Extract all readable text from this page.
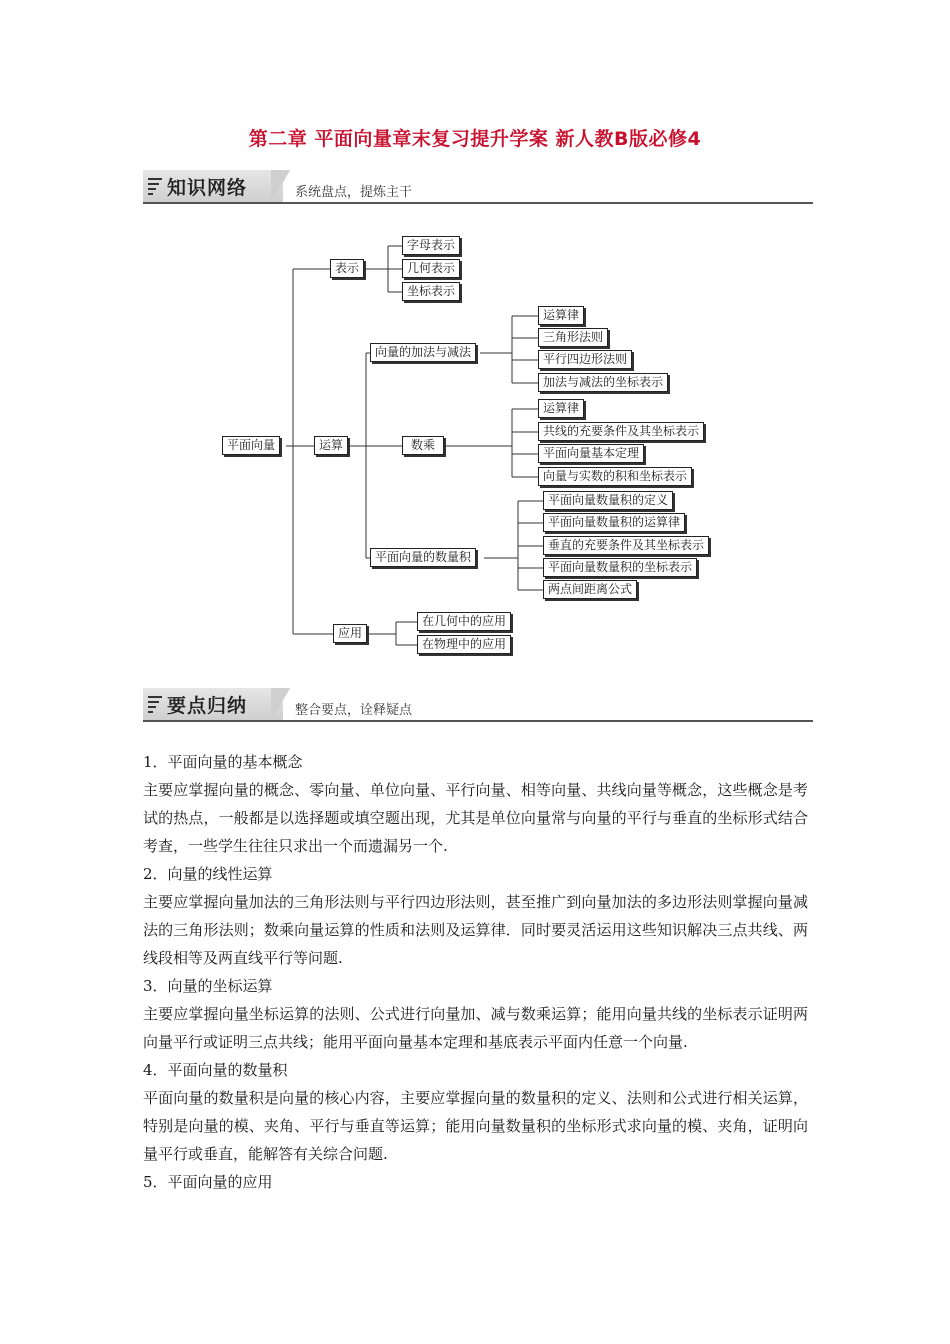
第二章 平面向量章末复习提升学案 新人教B版必修4
知识网络	系统盘点，提炼主干
平面向量
表示
字母表示
几何表示
坐标表示
运算
向量的加法与减法
运算律
三角形法则
平行四边形法则
加法与减法的坐标表示
数乘
运算律
共线的充要条件及其坐标表示
平面向量基本定理
向量与实数的积和坐标表示
平面向量的数量积
平面向量数量积的定义
平面向量数量积的运算律
垂直的充要条件及其坐标表示
平面向量数量积的坐标表示
两点间距离公式
应用
在几何中的应用
在物理中的应用
要点归纳	整合要点，诠释疑点

1．平面向量的基本概念

主要应掌握向量的概念、零向量、单位向量、平行向量、相等向量、共线向量等概念，这些概念是考试的热点，一般都是以选择题或填空题出现，尤其是单位向量常与向量的平行与垂直的坐标形式结合考查，一些学生往往只求出一个而遗漏另一个.

2．向量的线性运算

主要应掌握向量加法的三角形法则与平行四边形法则，甚至推广到向量加法的多边形法则掌握向量减法的三角形法则；数乘向量运算的性质和法则及运算律．同时要灵活运用这些知识解决三点共线、两线段相等及两直线平行等问题.

3．向量的坐标运算

主要应掌握向量坐标运算的法则、公式进行向量加、减与数乘运算；能用向量共线的坐标表示证明两向量平行或证明三点共线；能用平面向量基本定理和基底表示平面内任意一个向量.

4．平面向量的数量积

平面向量的数量积是向量的核心内容，主要应掌握向量的数量积的定义、法则和公式进行相关运算，特别是向量的模、夹角、平行与垂直等运算；能用向量数量积的坐标形式求向量的模、夹角，证明向量平行或垂直，能解答有关综合问题.

5．平面向量的应用
